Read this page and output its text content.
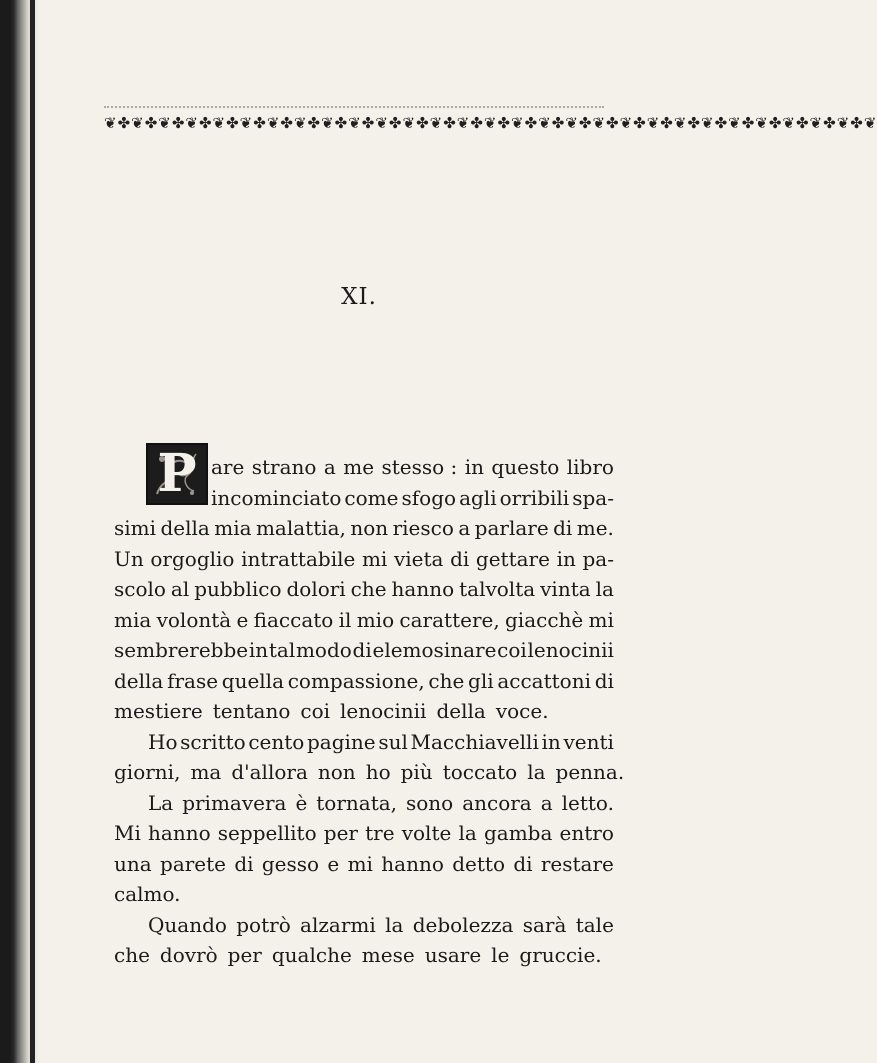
❦✤❦✤❦✤❦✤❦✤❦✤❦✤❦✤❦✤❦✤❦✤❦✤❦✤❦✤❦✤❦✤❦✤❦✤❦✤❦✤❦✤❦✤❦✤❦✤❦✤❦✤❦✤❦✤❦
XI.
P are strano a me stesso : in questo libro
incominciato come sfogo agli orribili spa-
simi della mia malattia, non riesco a parlare di me.
Un orgoglio intrattabile mi vieta di gettare in pa-
scolo al pubblico dolori che hanno talvolta vinta la
mia volontà e fiaccato il mio carattere, giacchè mi
sembrerebbe in tal modo di elemosinare coi lenocinii
della frase quella compassione, che gli accattoni di
mestiere tentano coi lenocinii della voce.
Ho scritto cento pagine sul Macchiavelli in venti
giorni, ma d'allora non ho più toccato la penna.
La primavera è tornata, sono ancora a letto.
Mi hanno seppellito per tre volte la gamba entro
una parete di gesso e mi hanno detto di restare
calmo.
Quando potrò alzarmi la debolezza sarà tale
che dovrò per qualche mese usare le gruccie.
